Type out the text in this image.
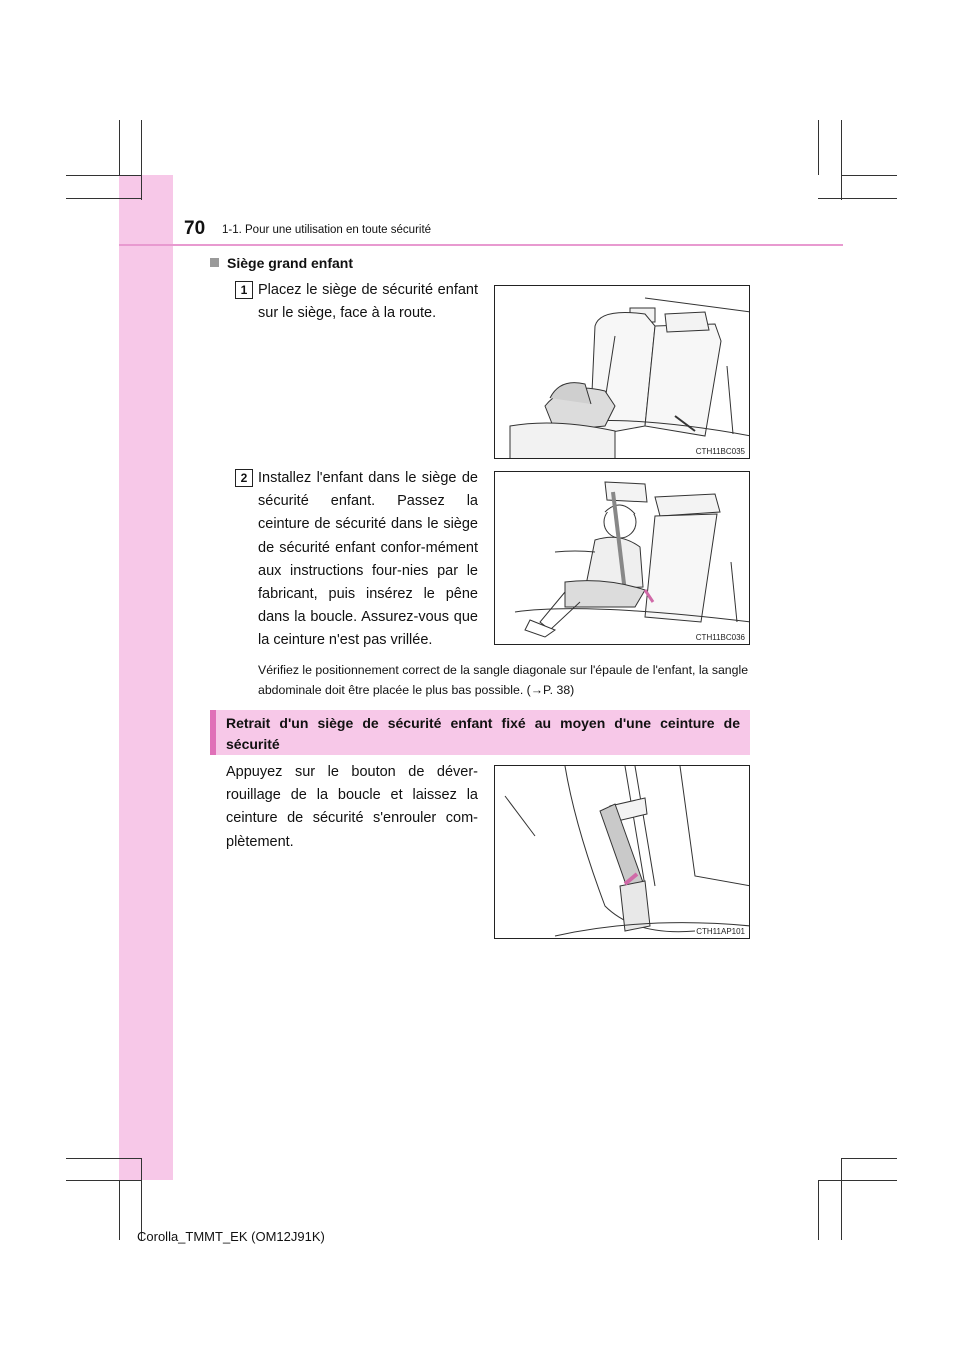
70 1-1. Pour une utilisation en toute sécurité
Siège grand enfant
1 Placez le siège de sécurité enfant sur le siège, face à la route.
CTH11BC035
2 Installez l'enfant dans le siège de sécurité enfant. Passez la ceinture de sécurité dans le siège de sécurité enfant confor-mément aux instructions four-nies par le fabricant, puis insérez le pêne dans la boucle. Assurez-vous que la ceinture n'est pas vrillée.	CTH11BC036
Vérifiez le positionnement correct de la sangle diagonale sur l'épaule de l'enfant, la sangle abdominale doit être placée le plus bas possible. (→P. 38)
Retrait d'un siège de sécurité enfant fixé au moyen d'une ceinture de sécurité
Appuyez sur le bouton de déver-rouillage de la boucle et laissez la ceinture de sécurité s'enrouler com-plètement.
CTH11AP101
Corolla_TMMT_EK (OM12J91K)
